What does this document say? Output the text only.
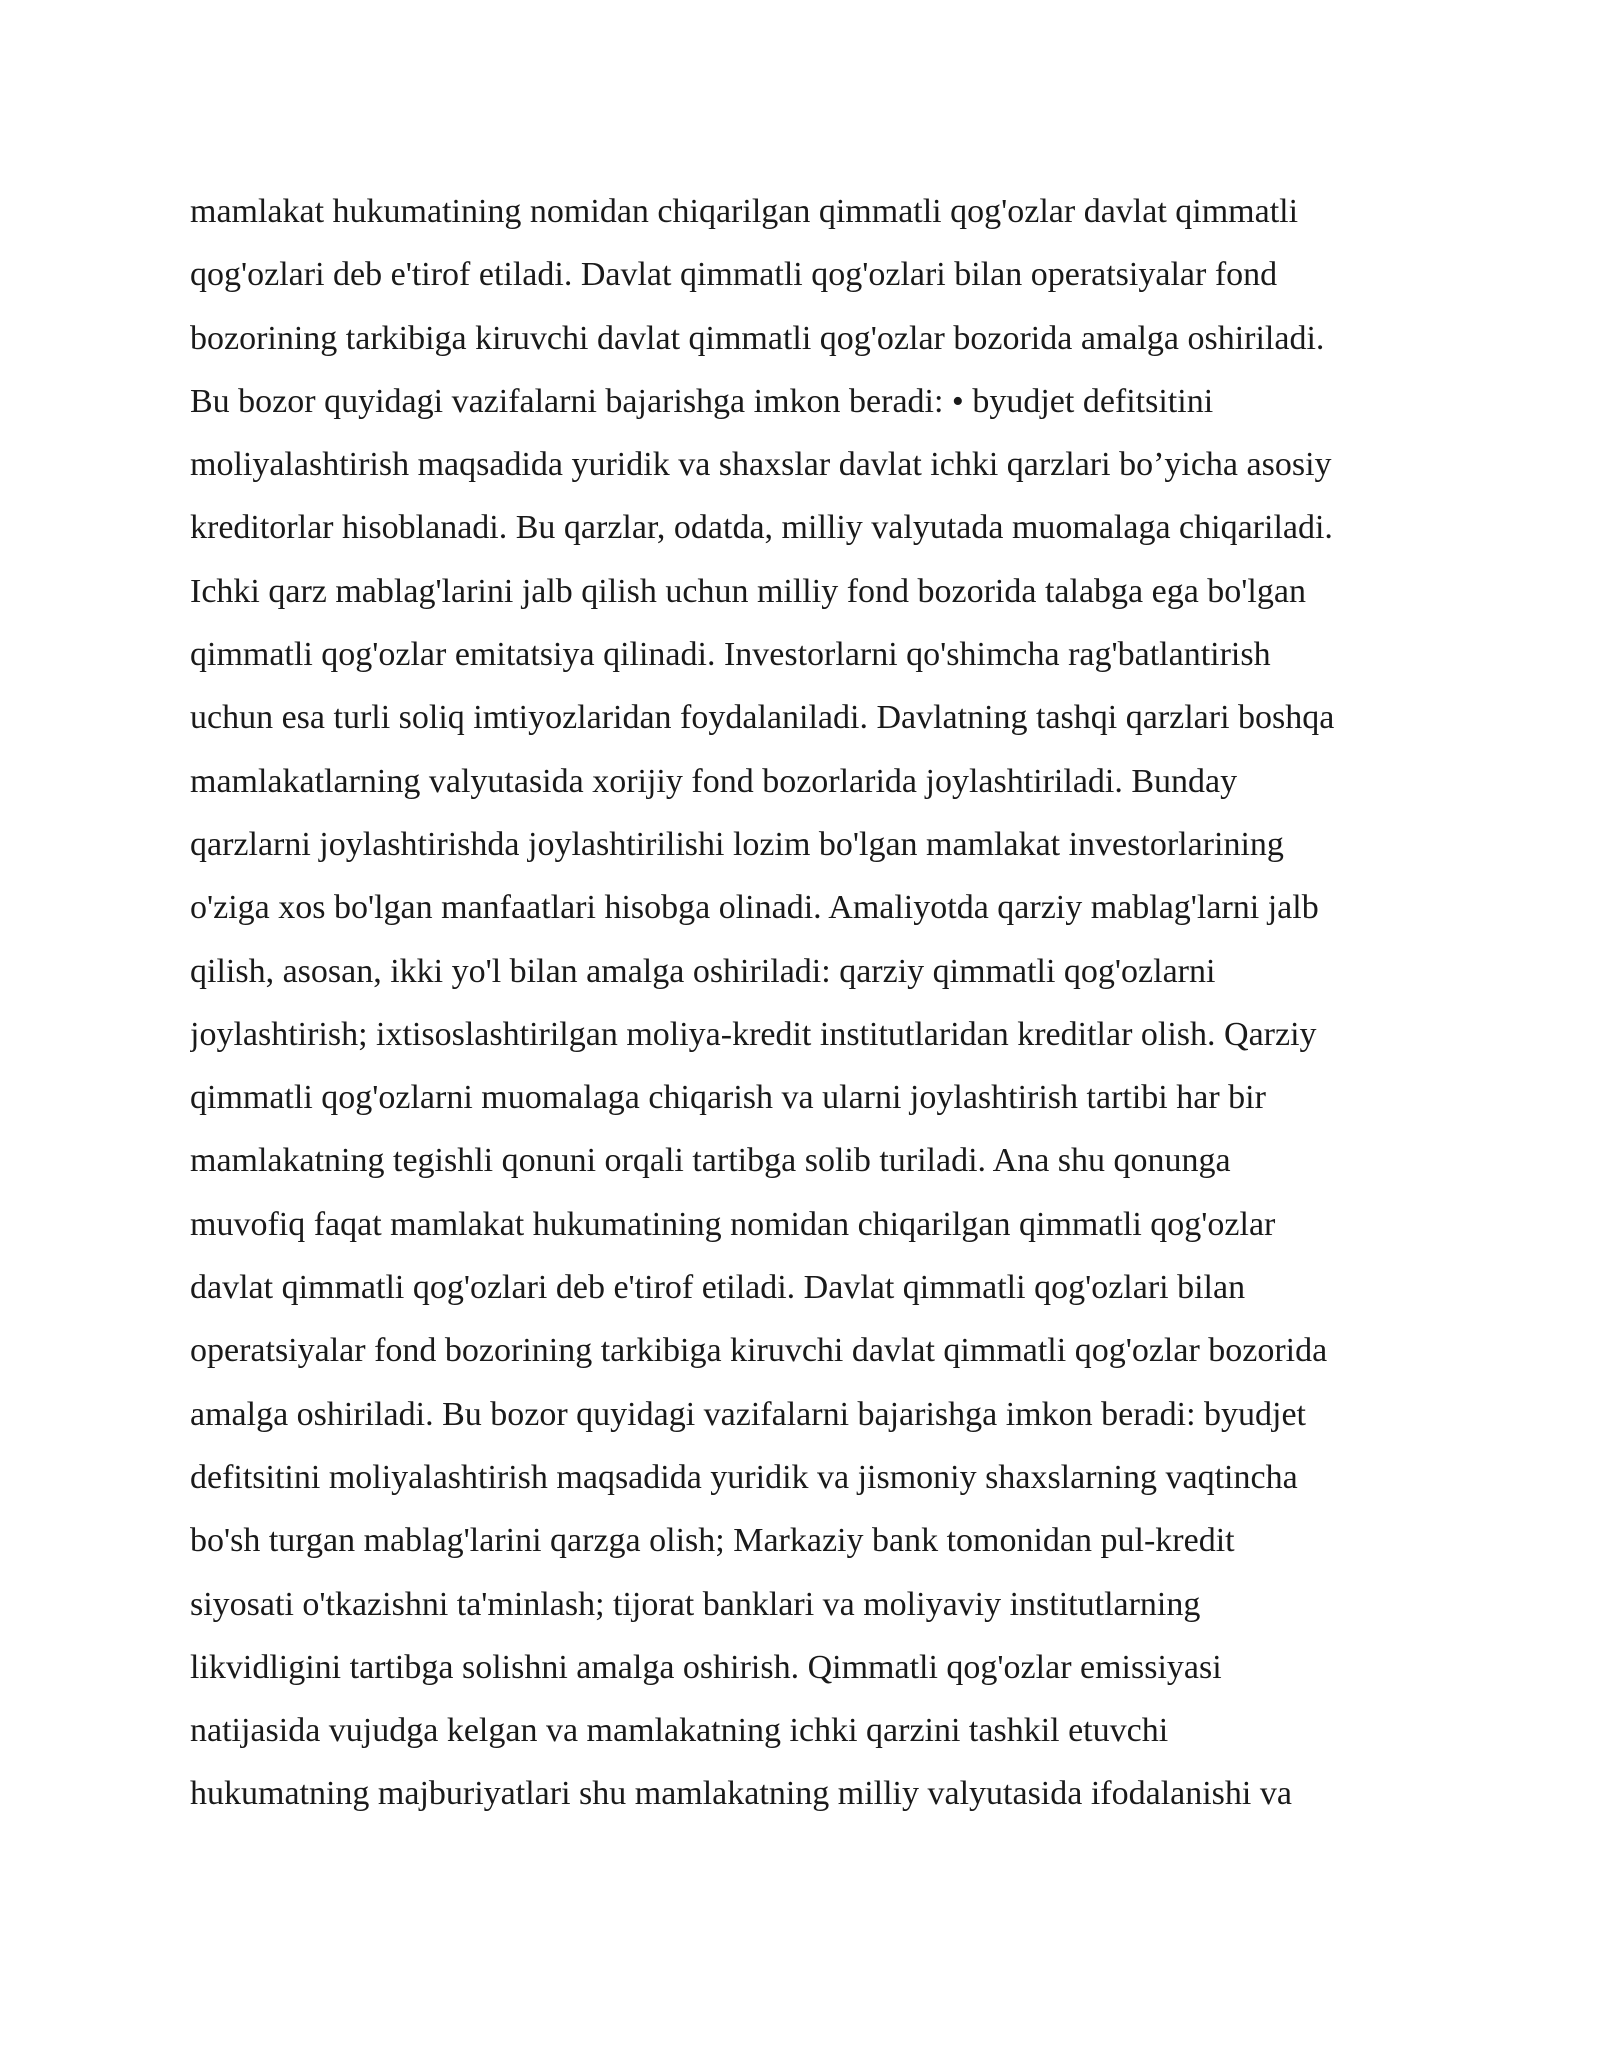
mamlakat hukumatining nomidan chiqarilgan qimmatli qog'ozlar davlat qimmatli
qog'ozlari deb e'tirof etiladi. Davlat qimmatli qog'ozlari bilan operatsiyalar fond
bozorining tarkibiga kiruvchi davlat qimmatli qog'ozlar bozorida amalga oshiriladi.
Bu bozor quyidagi vazifalarni bajarishga imkon beradi: • byudjet defitsitini
moliyalashtirish maqsadida yuridik va shaxslar davlat ichki qarzlari bo’yicha asosiy
kreditorlar hisoblanadi. Bu qarzlar, odatda, milliy valyutada muomalaga chiqariladi.
Ichki qarz mablag'larini jalb qilish uchun milliy fond bozorida talabga ega bo'lgan
qimmatli qog'ozlar emitatsiya qilinadi. Investorlarni qo'shimcha rag'batlantirish
uchun esa turli soliq imtiyozlaridan foydalaniladi. Davlatning tashqi qarzlari boshqa
mamlakatlarning valyutasida xorijiy fond bozorlarida joylashtiriladi. Bunday
qarzlarni joylashtirishda joylashtirilishi lozim bo'lgan mamlakat investorlarining
o'ziga xos bo'lgan manfaatlari hisobga olinadi. Amaliyotda qarziy mablag'larni jalb
qilish, asosan, ikki yo'l bilan amalga oshiriladi: qarziy qimmatli qog'ozlarni
joylashtirish; ixtisoslashtirilgan moliya-kredit institutlaridan kreditlar olish. Qarziy
qimmatli qog'ozlarni muomalaga chiqarish va ularni joylashtirish tartibi har bir
mamlakatning tegishli qonuni orqali tartibga solib turiladi. Ana shu qonunga
muvofiq faqat mamlakat hukumatining nomidan chiqarilgan qimmatli qog'ozlar
davlat qimmatli qog'ozlari deb e'tirof etiladi. Davlat qimmatli qog'ozlari bilan
operatsiyalar fond bozorining tarkibiga kiruvchi davlat qimmatli qog'ozlar bozorida
amalga oshiriladi. Bu bozor quyidagi vazifalarni bajarishga imkon beradi: byudjet
defitsitini moliyalashtirish maqsadida yuridik va jismoniy shaxslarning vaqtincha
bo'sh turgan mablag'larini qarzga olish; Markaziy bank tomonidan pul-kredit
siyosati o'tkazishni ta'minlash; tijorat banklari va moliyaviy institutlarning
likvidligini tartibga solishni amalga oshirish. Qimmatli qog'ozlar emissiyasi
natijasida vujudga kelgan va mamlakatning ichki qarzini tashkil etuvchi
hukumatning majburiyatlari shu mamlakatning milliy valyutasida ifodalanishi va
